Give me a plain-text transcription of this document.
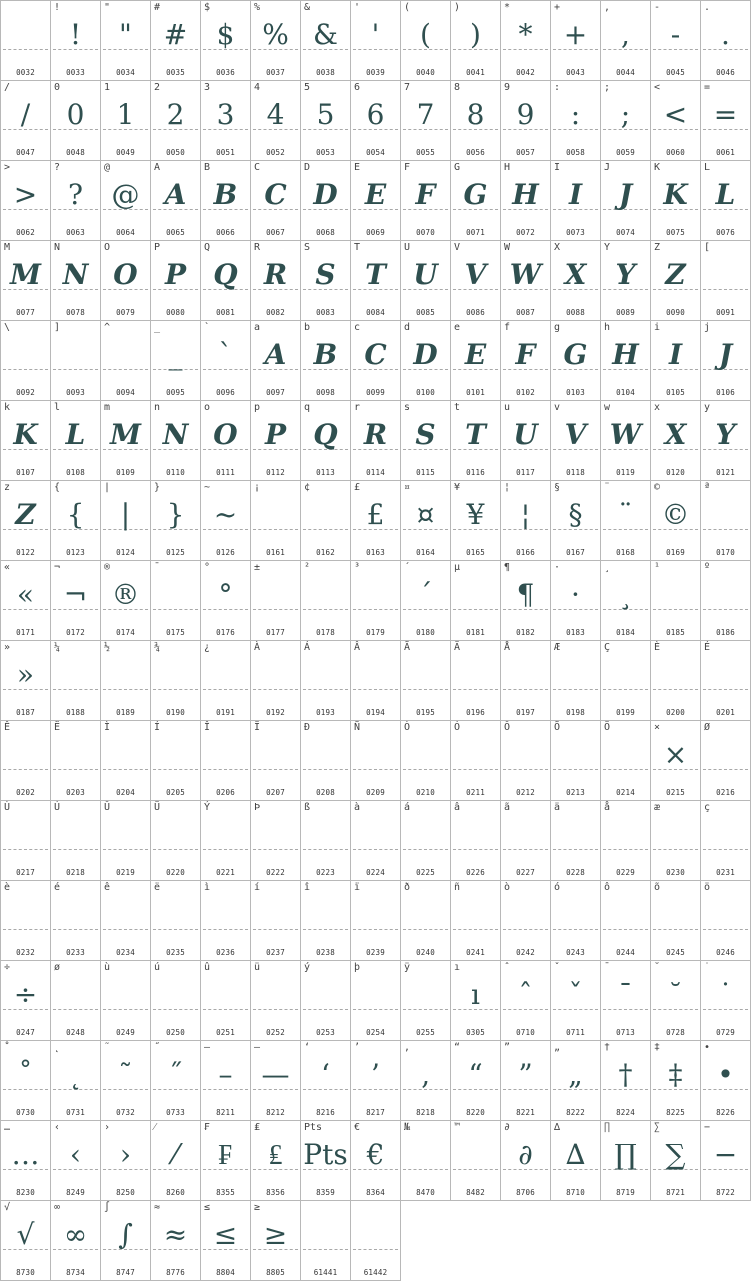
0032
!
!
0033
"
"
0034
#
#
0035
$
$
0036
%
%
0037
&
&
0038
'
'
0039
(
(
0040
)
)
0041
*
*
0042
+
+
0043
,
,
0044
-
-
0045
.
.
0046
/
/
0047
0
0
0048
1
1
0049
2
2
0050
3
3
0051
4
4
0052
5
5
0053
6
6
0054
7
7
0055
8
8
0056
9
9
0057
:
:
0058
;
;
0059
<
<
0060
=
=
0061
>
>
0062
?
?
0063
@
@
0064
A
A
0065
B
B
0066
C
C
0067
D
D
0068
E
E
0069
F
F
0070
G
G
0071
H
H
0072
I
I
0073
J
J
0074
K
K
0075
L
L
0076
M
M
0077
N
N
0078
O
O
0079
P
P
0080
Q
Q
0081
R
R
0082
S
S
0083
T
T
0084
U
U
0085
V
V
0086
W
W
0087
X
X
0088
Y
Y
0089
Z
Z
0090
[
0091
\
0092
]
0093
^
0094
_
_
0095
`
`
0096
a
A
0097
b
B
0098
c
C
0099
d
D
0100
e
E
0101
f
F
0102
g
G
0103
h
H
0104
i
I
0105
j
J
0106
k
K
0107
l
L
0108
m
M
0109
n
N
0110
o
O
0111
p
P
0112
q
Q
0113
r
R
0114
s
S
0115
t
T
0116
u
U
0117
v
V
0118
w
W
0119
x
X
0120
y
Y
0121
z
Z
0122
{
{
0123
|
|
0124
}
}
0125
~
~
0126
¡
0161
¢
0162
£
£
0163
¤
¤
0164
¥
¥
0165
¦
¦
0166
§
§
0167
¨
¨
0168
©
©
0169
ª
0170
«
«
0171
¬
¬
0172
®
®
0174
¯
0175
°
°
0176
±
0177
²
0178
³
0179
´
´
0180
µ
0181
¶
¶
0182
·
·
0183
¸
¸
0184
¹
0185
º
0186
»
»
0187
¼
0188
½
0189
¾
0190
¿
0191
À
0192
Á
0193
Â
0194
Ã
0195
Ä
0196
Å
0197
Æ
0198
Ç
0199
È
0200
É
0201
Ê
0202
Ë
0203
Ì
0204
Í
0205
Î
0206
Ï
0207
Ð
0208
Ñ
0209
Ò
0210
Ó
0211
Ô
0212
Õ
0213
Ö
0214
×
×
0215
Ø
0216
Ù
0217
Ú
0218
Û
0219
Ü
0220
Ý
0221
Þ
0222
ß
0223
à
0224
á
0225
â
0226
ã
0227
ä
0228
å
0229
æ
0230
ç
0231
è
0232
é
0233
ê
0234
ë
0235
ì
0236
í
0237
î
0238
ï
0239
ð
0240
ñ
0241
ò
0242
ó
0243
ô
0244
õ
0245
ö
0246
÷
÷
0247
ø
0248
ù
0249
ú
0250
û
0251
ü
0252
ý
0253
þ
0254
ÿ
0255
ı
ı
0305
ˆ
ˆ
0710
ˇ
ˇ
0711
ˉ
ˉ
0713
˘
˘
0728
˙
˙
0729
˚
˚
0730
˛
˛
0731
˜
˜
0732
˝
˝
0733
–
–
8211
—
—
8212
‘
‘
8216
’
’
8217
‚
‚
8218
“
“
8220
”
”
8221
„
„
8222
†
†
8224
‡
‡
8225
•
•
8226
…
…
8230
‹
‹
8249
›
›
8250
⁄
⁄
8260
₣
₣
8355
₤
₤
8356
Pts
Pts
8359
€
€
8364
№
8470
™
8482
∂
∂
8706
∆
∆
8710
∏
∏
8719
∑
∑
8721
−
−
8722
√
√
8730
∞
∞
8734
∫
∫
8747
≈
≈
8776
≤
≤
8804
≥
≥
8805	61441	61442
